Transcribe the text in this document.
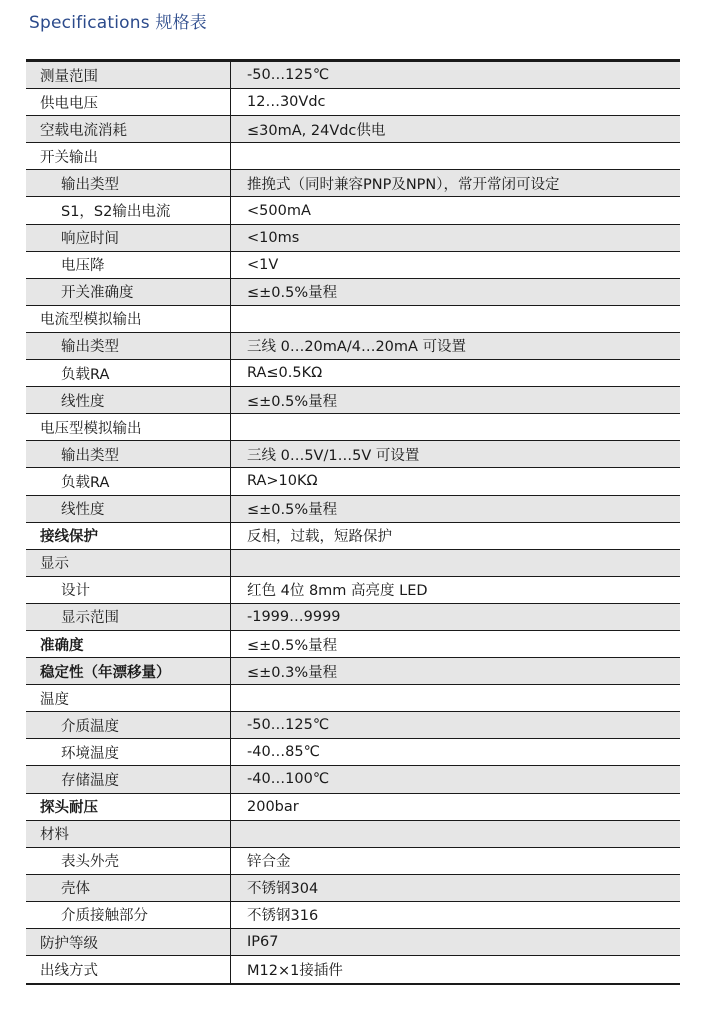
Specifications 规格表
测量范围	-50…125℃
供电电压	12…30Vdc
空载电流消耗	≤30mA, 24Vdc供电
开关输出
输出类型	推挽式（同时兼容PNP及NPN），常开常闭可设定
S1，S2输出电流	<500mA
响应时间	<10ms
电压降	<1V
开关准确度	≤±0.5%量程
电流型模拟输出
输出类型	三线 0…20mA/4…20mA 可设置
负载RA	RA≤0.5KΩ
线性度	≤±0.5%量程
电压型模拟输出
输出类型	三线 0…5V/1…5V 可设置
负载RA	RA>10KΩ
线性度	≤±0.5%量程
接线保护	反相，过载，短路保护
显示
设计	红色 4位 8mm 高亮度 LED
显示范围	-1999…9999
准确度	≤±0.5%量程
稳定性（年漂移量）	≤±0.3%量程
温度
介质温度	-50…125℃
环境温度	-40…85℃
存储温度	-40…100℃
探头耐压	200bar
材料
表头外壳	锌合金
壳体	不锈钢304
介质接触部分	不锈钢316
防护等级	IP67
出线方式	M12×1接插件
